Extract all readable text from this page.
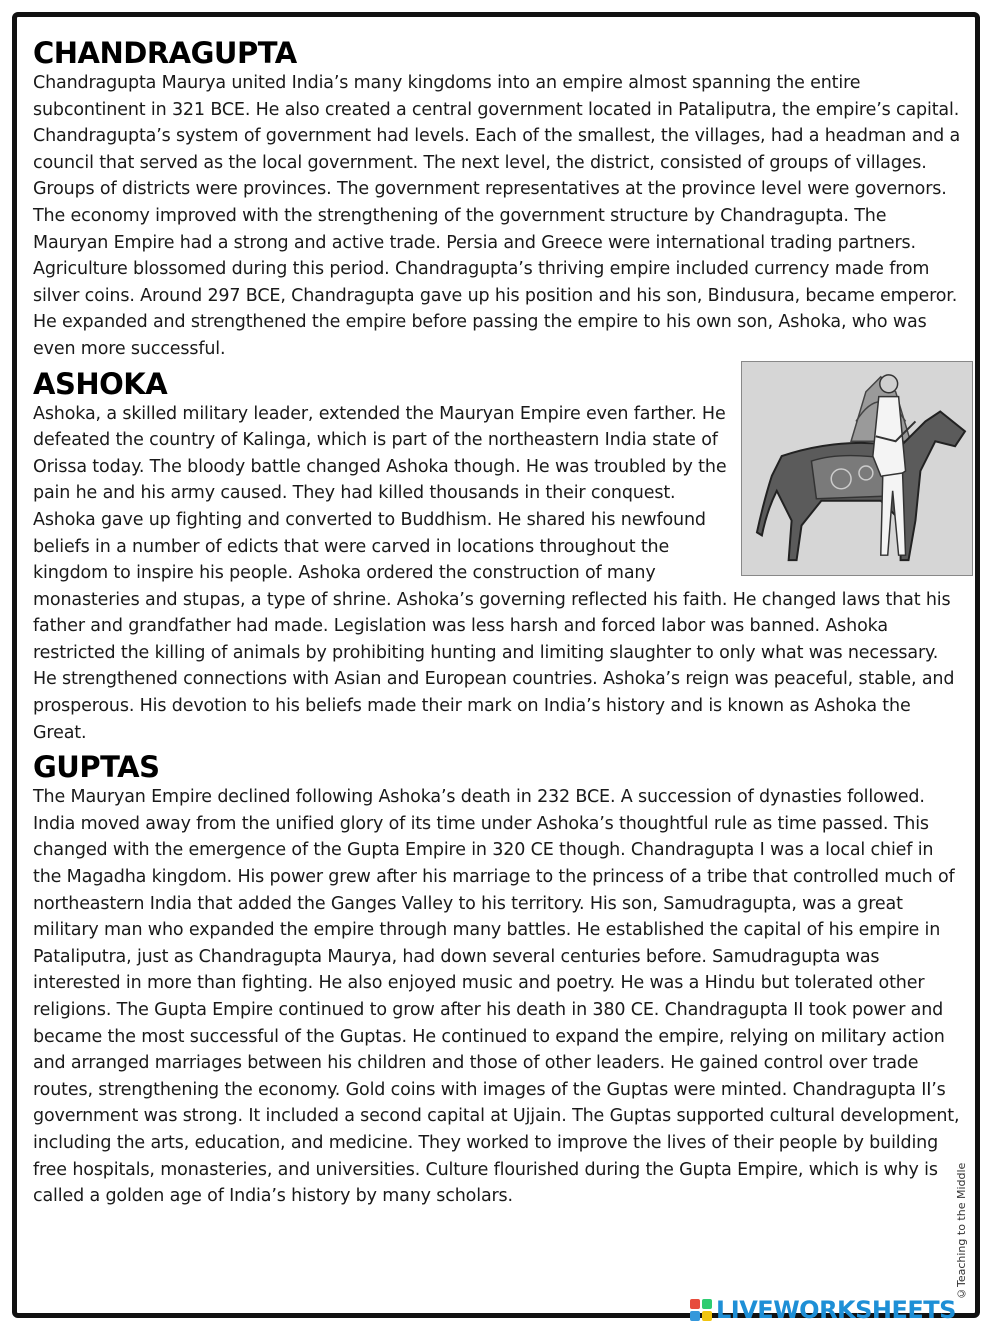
CHANDRAGUPTA

Chandragupta Maurya united India’s many kingdoms into an empire almost spanning the entire subcontinent in 321 BCE. He also created a central government located in Pataliputra, the empire’s capital. Chandragupta’s system of government had levels. Each of the smallest, the villages, had a headman and a council that served as the local government. The next level, the district, consisted of groups of villages. Groups of districts were provinces. The government representatives at the province level were governors. The economy improved with the strengthening of the government structure by Chandragupta. The Mauryan Empire had a strong and active trade. Persia and Greece were international trading partners. Agriculture blossomed during this period. Chandragupta’s thriving empire included currency made from silver coins. Around 297 BCE, Chandragupta gave up his position and his son, Bindusura, became emperor. He expanded and strengthened the empire before passing the empire to his own son, Ashoka, who was even more successful.

ASHOKA

Ashoka, a skilled military leader, extended the Mauryan Empire even farther. He defeated the country of Kalinga, which is part of the northeastern India state of Orissa today. The bloody battle changed Ashoka though. He was troubled by the pain he and his army caused. They had killed thousands in their conquest. Ashoka gave up fighting and converted to Buddhism. He shared his newfound beliefs in a number of edicts that were carved in locations throughout the kingdom to inspire his people. Ashoka ordered the construction of many monasteries and stupas, a type of shrine. Ashoka’s governing reflected his faith. He changed laws that his father and grandfather had made. Legislation was less harsh and forced labor was banned. Ashoka restricted the killing of animals by prohibiting hunting and limiting slaughter to only what was necessary. He strengthened connections with Asian and European countries. Ashoka’s reign was peaceful, stable, and prosperous. His devotion to his beliefs made their mark on India’s history and is known as Ashoka the Great.

GUPTAS

The Mauryan Empire declined following Ashoka’s death in 232 BCE. A succession of dynasties followed. India moved away from the unified glory of its time under Ashoka’s thoughtful rule as time passed. This changed with the emergence of the Gupta Empire in 320 CE though. Chandragupta I was a local chief in the Magadha kingdom. His power grew after his marriage to the princess of a tribe that controlled much of northeastern India that added the Ganges Valley to his territory. His son, Samudragupta, was a great military man who expanded the empire through many battles. He established the capital of his empire in Pataliputra, just as Chandragupta Maurya, had down several centuries before. Samudragupta was interested in more than fighting. He also enjoyed music and poetry. He was a Hindu but tolerated other religions. The Gupta Empire continued to grow after his death in 380 CE. Chandragupta II took power and became the most successful of the Guptas. He continued to expand the empire, relying on military action and arranged marriages between his children and those of other leaders. He gained control over trade routes, strengthening the economy. Gold coins with images of the Guptas were minted. Chandragupta II’s government was strong. It included a second capital at Ujjain. The Guptas supported cultural development, including the arts, education, and medicine. They worked to improve the lives of their people by building free hospitals, monasteries, and universities. Culture flourished during the Gupta Empire, which is why is called a golden age of India’s history by many scholars.	©Teaching to the Middle
LIVEWORKSHEETS
